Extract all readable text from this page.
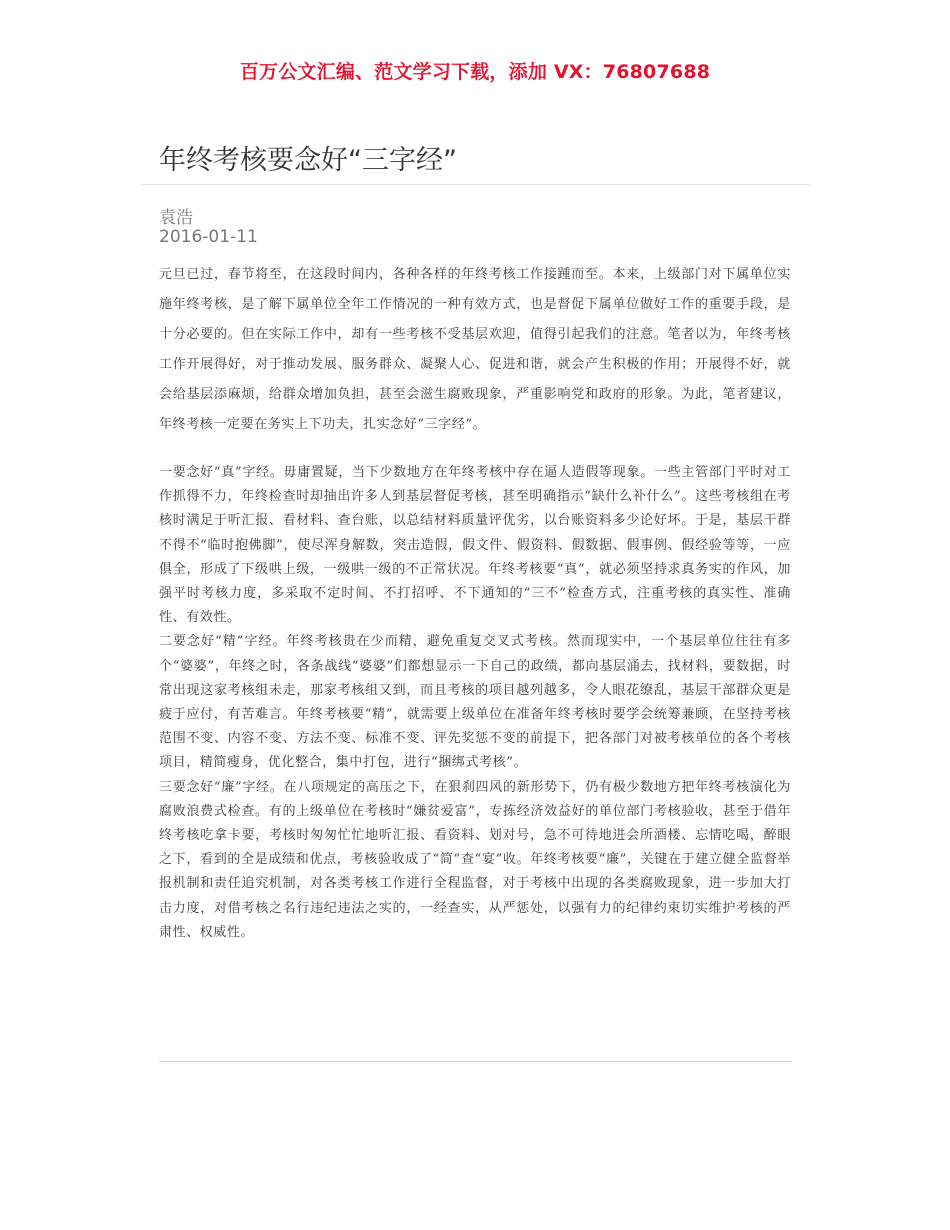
百万公文汇编、范文学习下载，添加 VX：76807688
年终考核要念好“三字经”
袁浩
2016-01-11

元旦已过，春节将至，在这段时间内，各种各样的年终考核工作接踵而至。本来，上级部门对下属单位实施年终考核，是了解下属单位全年工作情况的一种有效方式，也是督促下属单位做好工作的重要手段，是十分必要的。但在实际工作中，却有一些考核不受基层欢迎，值得引起我们的注意。笔者以为，年终考核工作开展得好，对于推动发展、服务群众、凝聚人心、促进和谐，就会产生积极的作用；开展得不好，就会给基层添麻烦，给群众增加负担，甚至会滋生腐败现象，严重影响党和政府的形象。为此，笔者建议，年终考核一定要在务实上下功夫，扎实念好“三字经”。

一要念好“真”字经。毋庸置疑，当下少数地方在年终考核中存在逼人造假等现象。一些主管部门平时对工作抓得不力，年终检查时却抽出许多人到基层督促考核，甚至明确指示“缺什么补什么”。这些考核组在考核时满足于听汇报、看材料、查台账，以总结材料质量评优劣，以台账资料多少论好坏。于是，基层干群不得不“临时抱佛脚”，使尽浑身解数，突击造假，假文件、假资料、假数据、假事例、假经验等等，一应俱全，形成了下级哄上级，一级哄一级的不正常状况。年终考核要“真”，就必须坚持求真务实的作风，加强平时考核力度，多采取不定时间、不打招呼、不下通知的“三不”检查方式，注重考核的真实性、准确性、有效性。

二要念好“精”字经。年终考核贵在少而精，避免重复交叉式考核。然而现实中，一个基层单位往往有多个“婆婆”，年终之时，各条战线“婆婆”们都想显示一下自己的政绩，都向基层涌去，找材料，要数据，时常出现这家考核组未走，那家考核组又到，而且考核的项目越列越多，令人眼花缭乱，基层干部群众更是疲于应付，有苦难言。年终考核要“精”，就需要上级单位在准备年终考核时要学会统筹兼顾，在坚持考核范围不变、内容不变、方法不变、标准不变、评先奖惩不变的前提下，把各部门对被考核单位的各个考核项目，精简瘦身，优化整合，集中打包，进行“捆绑式考核”。

三要念好“廉”字经。在八项规定的高压之下，在狠刹四风的新形势下，仍有极少数地方把年终考核演化为腐败浪费式检查。有的上级单位在考核时“嫌贫爱富”，专拣经济效益好的单位部门考核验收，甚至于借年终考核吃拿卡要，考核时匆匆忙忙地听汇报、看资料、划对号，急不可待地进会所酒楼、忘情吃喝，醉眼之下，看到的全是成绩和优点，考核验收成了“简”查“宴”收。年终考核要“廉”，关键在于建立健全监督举报机制和责任追究机制，对各类考核工作进行全程监督，对于考核中出现的各类腐败现象，进一步加大打击力度，对借考核之名行违纪违法之实的，一经查实，从严惩处，以强有力的纪律约束切实维护考核的严肃性、权威性。
